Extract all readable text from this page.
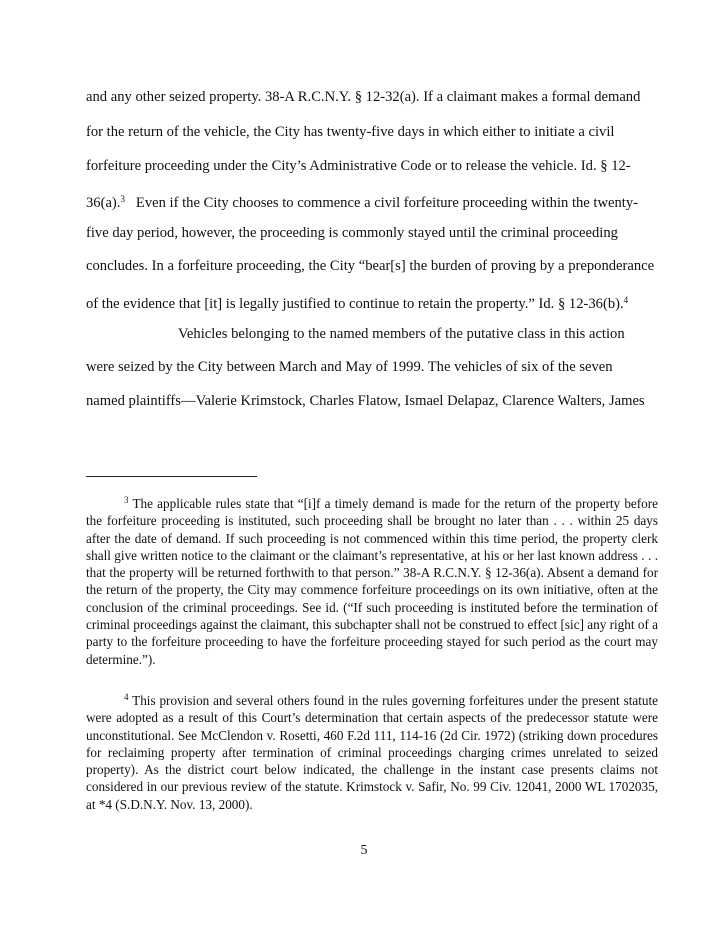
and any other seized property. 38-A R.C.N.Y. § 12-32(a). If a claimant makes a formal demand
for the return of the vehicle, the City has twenty-five days in which either to initiate a civil
forfeiture proceeding under the City’s Administrative Code or to release the vehicle. Id. § 12-
36(a).$^3$ Even if the City chooses to commence a civil forfeiture proceeding within the twenty-
five day period, however, the proceeding is commonly stayed until the criminal proceeding
concludes. In a forfeiture proceeding, the City “bear[s] the burden of proving by a preponderance
of the evidence that [it] is legally justified to continue to retain the property.” Id. § 12-36(b).$^4$
Vehicles belonging to the named members of the putative class in this action
were seized by the City between March and May of 1999. The vehicles of six of the seven
named plaintiffs—Valerie Krimstock, Charles Flatow, Ismael Delapaz, Clarence Walters, James

$^3$ The applicable rules state that “[i]f a timely demand is made for the return of the property before the forfeiture proceeding is instituted, such proceeding shall be brought no later than . . . within 25 days after the date of demand. If such proceeding is not commenced within this time period, the property clerk shall give written notice to the claimant or the claimant’s representative, at his or her last known address . . . that the property will be returned forthwith to that person.” 38-A R.C.N.Y. § 12-36(a). Absent a demand for the return of the property, the City may commence forfeiture proceedings on its own initiative, often at the conclusion of the criminal proceedings. See id. (“If such proceeding is instituted before the termination of criminal proceedings against the claimant, this subchapter shall not be construed to effect [sic] any right of a party to the forfeiture proceeding to have the forfeiture proceeding stayed for such period as the court may determine.”).

$^4$ This provision and several others found in the rules governing forfeitures under the present statute were adopted as a result of this Court’s determination that certain aspects of the predecessor statute were unconstitutional. See McClendon v. Rosetti, 460 F.2d 111, 114-16 (2d Cir. 1972) (striking down procedures for reclaiming property after termination of criminal proceedings charging crimes unrelated to seized property). As the district court below indicated, the challenge in the instant case presents claims not considered in our previous review of the statute. Krimstock v. Safir, No. 99 Civ. 12041, 2000 WL 1702035, at *4 (S.D.N.Y. Nov. 13, 2000).

5
